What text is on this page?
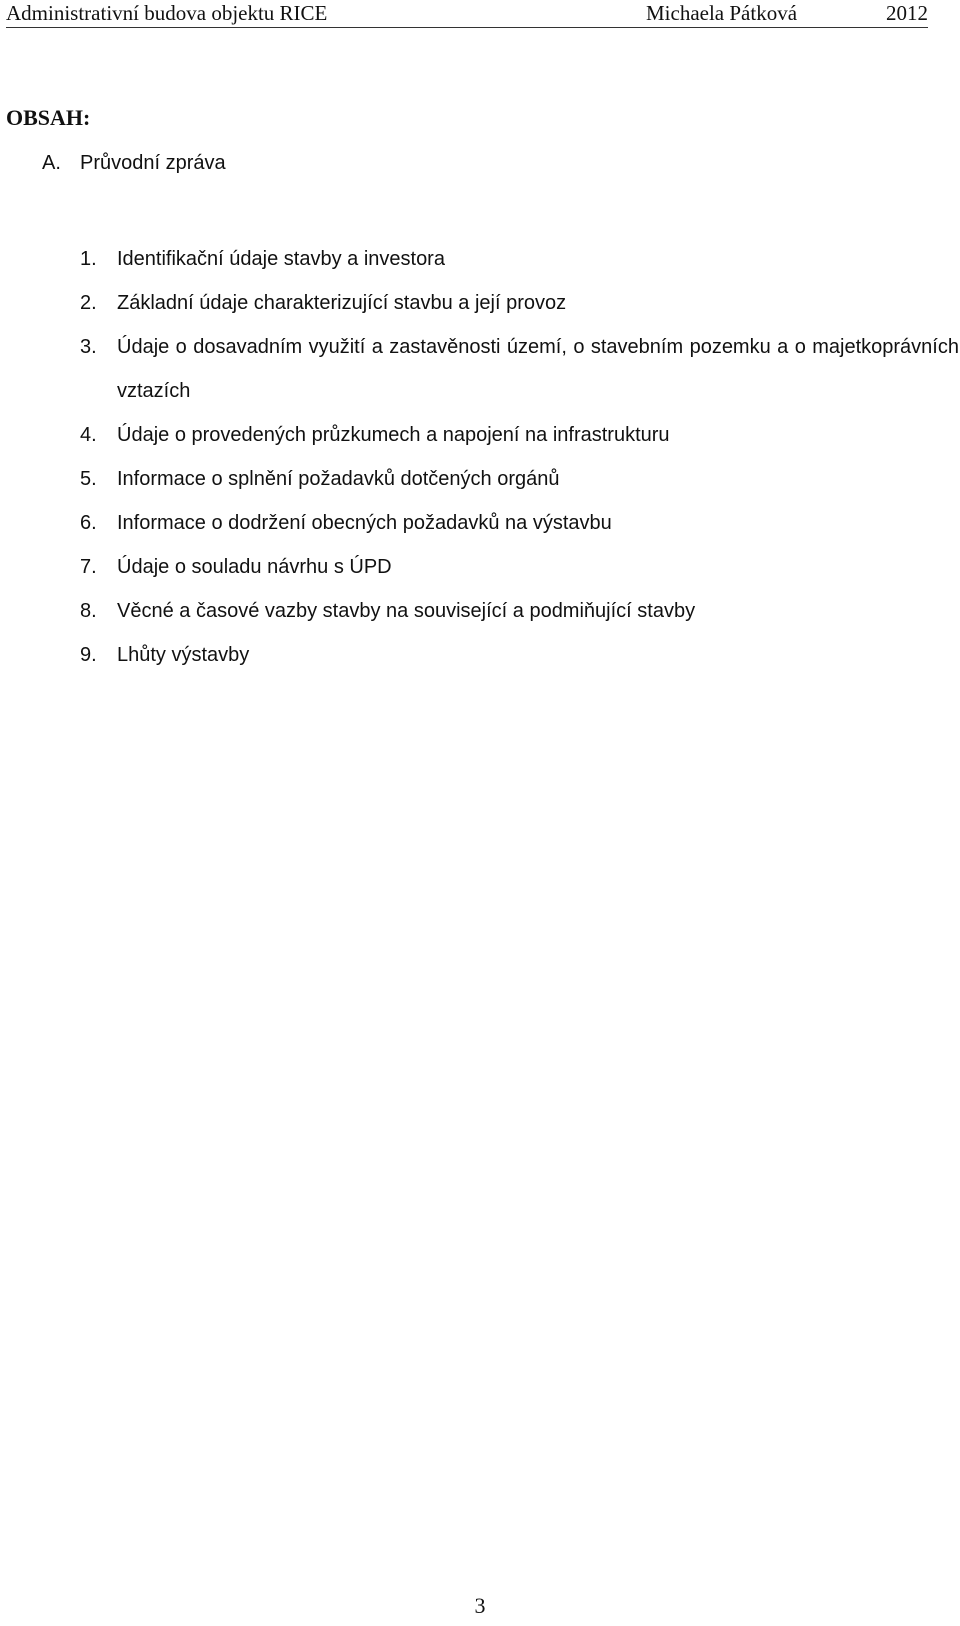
Administrativní budova objektu RICE	Michaela Pátková	2012
OBSAH:
A. Průvodní zpráva
1.	Identifikační údaje stavby a investora
2.	Základní údaje charakterizující stavbu a její provoz
3.	Údaje o dosavadním využití a zastavěnosti území, o stavebním pozemku a o majetkoprávních vztazích
4.	Údaje o provedených průzkumech a napojení na infrastrukturu
5.	Informace o splnění požadavků dotčených orgánů
6.	Informace o dodržení obecných požadavků na výstavbu
7.	Údaje o souladu návrhu s ÚPD
8.	Věcné a časové vazby stavby na související a podmiňující stavby
9.	Lhůty výstavby
3
